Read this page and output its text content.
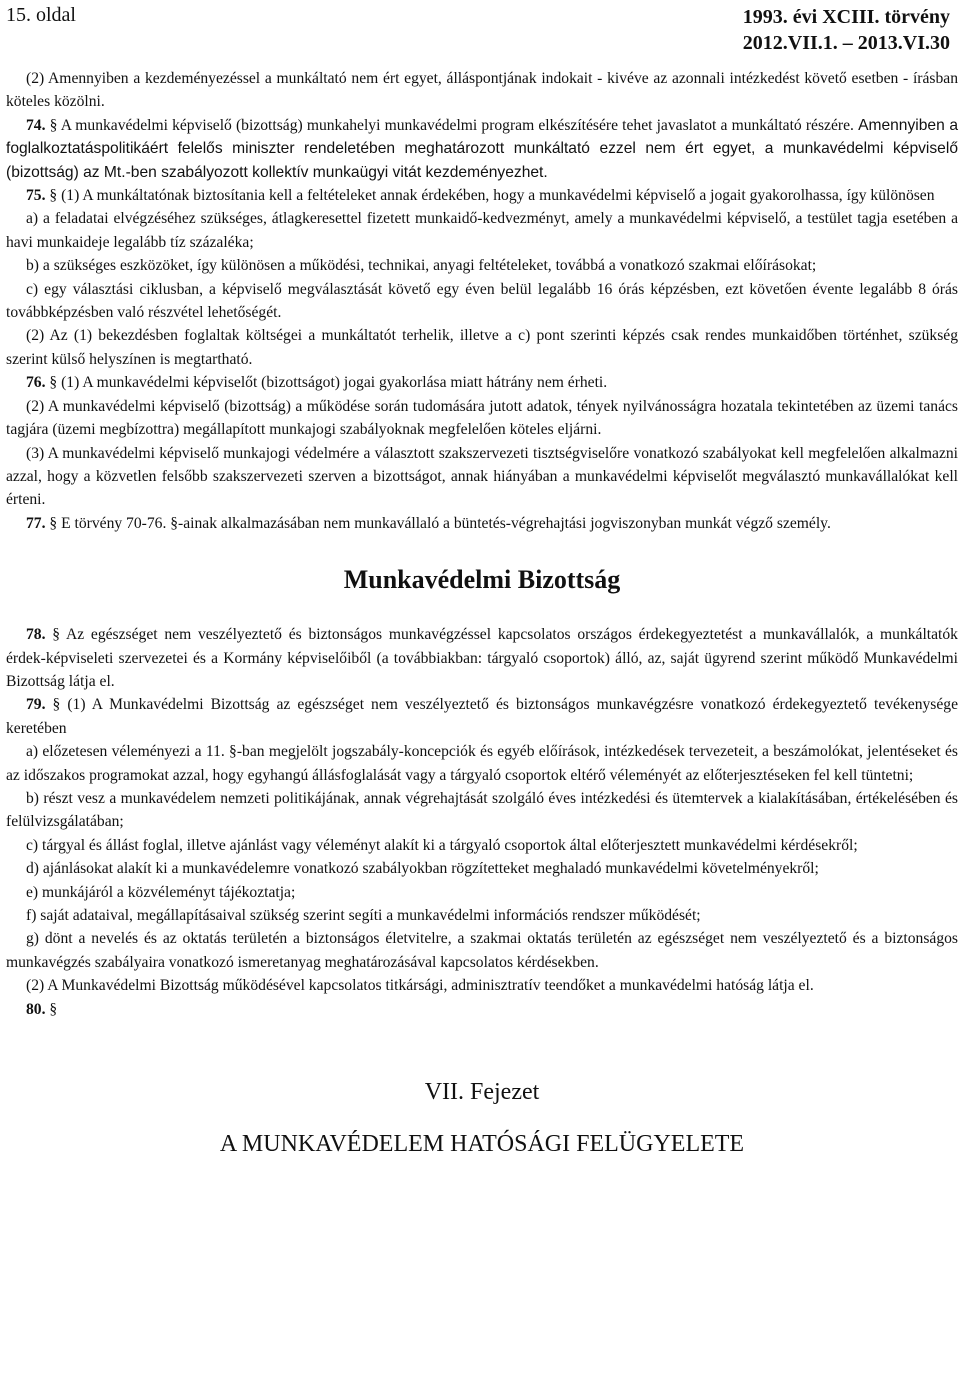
15. oldal	1993. évi XCIII. törvény
2012.VII.1. – 2013.VI.30

(2) Amennyiben a kezdeményezéssel a munkáltató nem ért egyet, álláspontjának indokait - kivéve az azonnali intézkedést követő esetben - írásban köteles közölni.

74. § A munkavédelmi képviselő (bizottság) munkahelyi munkavédelmi program elkészítésére tehet javaslatot a munkáltató részére. Amennyiben a foglalkoztatáspolitikáért felelős miniszter rendeletében meghatározott munkáltató ezzel nem ért egyet, a munkavédelmi képviselő (bizottság) az Mt.-ben szabályozott kollektív munkaügyi vitát kezdeményezhet.

75. § (1) A munkáltatónak biztosítania kell a feltételeket annak érdekében, hogy a munkavédelmi képviselő a jogait gyakorolhassa, így különösen

a) a feladatai elvégzéséhez szükséges, átlagkeresettel fizetett munkaidő-kedvezményt, amely a munkavédelmi képviselő, a testület tagja esetében a havi munkaideje legalább tíz százaléka;

b) a szükséges eszközöket, így különösen a működési, technikai, anyagi feltételeket, továbbá a vonatkozó szakmai előírásokat;

c) egy választási ciklusban, a képviselő megválasztását követő egy éven belül legalább 16 órás képzésben, ezt követően évente legalább 8 órás továbbképzésben való részvétel lehetőségét.

(2) Az (1) bekezdésben foglaltak költségei a munkáltatót terhelik, illetve a c) pont szerinti képzés csak rendes munkaidőben történhet, szükség szerint külső helyszínen is megtartható.

76. § (1) A munkavédelmi képviselőt (bizottságot) jogai gyakorlása miatt hátrány nem érheti.

(2) A munkavédelmi képviselő (bizottság) a működése során tudomására jutott adatok, tények nyilvánosságra hozatala tekintetében az üzemi tanács tagjára (üzemi megbízottra) megállapított munkajogi szabályoknak megfelelően köteles eljárni.

(3) A munkavédelmi képviselő munkajogi védelmére a választott szakszervezeti tisztségviselőre vonatkozó szabályokat kell megfelelően alkalmazni azzal, hogy a közvetlen felsőbb szakszervezeti szerven a bizottságot, annak hiányában a munkavédelmi képviselőt megválasztó munkavállalókat kell érteni.

77. § E törvény 70-76. §-ainak alkalmazásában nem munkavállaló a büntetés-végrehajtási jogviszonyban munkát végző személy.

Munkavédelmi Bizottság

78. § Az egészséget nem veszélyeztető és biztonságos munkavégzéssel kapcsolatos országos érdekegyeztetést a munkavállalók, a munkáltatók érdek-képviseleti szervezetei és a Kormány képviselőiből (a továbbiakban: tárgyaló csoportok) álló, az, saját ügyrend szerint működő Munkavédelmi Bizottság látja el.

79. § (1) A Munkavédelmi Bizottság az egészséget nem veszélyeztető és biztonságos munkavégzésre vonatkozó érdekegyeztető tevékenysége keretében

a) előzetesen véleményezi a 11. §-ban megjelölt jogszabály-koncepciók és egyéb előírások, intézkedések tervezeteit, a beszámolókat, jelentéseket és az időszakos programokat azzal, hogy egyhangú állásfoglalását vagy a tárgyaló csoportok eltérő véleményét az előterjesztéseken fel kell tüntetni;

b) részt vesz a munkavédelem nemzeti politikájának, annak végrehajtását szolgáló éves intézkedési és ütemtervek a kialakításában, értékelésében és felülvizsgálatában;

c) tárgyal és állást foglal, illetve ajánlást vagy véleményt alakít ki a tárgyaló csoportok által előterjesztett munkavédelmi kérdésekről;

d) ajánlásokat alakít ki a munkavédelemre vonatkozó szabályokban rögzítetteket meghaladó munkavédelmi követelményekről;

e) munkájáról a közvéleményt tájékoztatja;

f) saját adataival, megállapításaival szükség szerint segíti a munkavédelmi információs rendszer működését;

g) dönt a nevelés és az oktatás területén a biztonságos életvitelre, a szakmai oktatás területén az egészséget nem veszélyeztető és a biztonságos munkavégzés szabályaira vonatkozó ismeretanyag meghatározásával kapcsolatos kérdésekben.

(2) A Munkavédelmi Bizottság működésével kapcsolatos titkársági, adminisztratív teendőket a munkavédelmi hatóság látja el.

80. §

VII. Fejezet
A MUNKAVÉDELEM HATÓSÁGI FELÜGYELETE
